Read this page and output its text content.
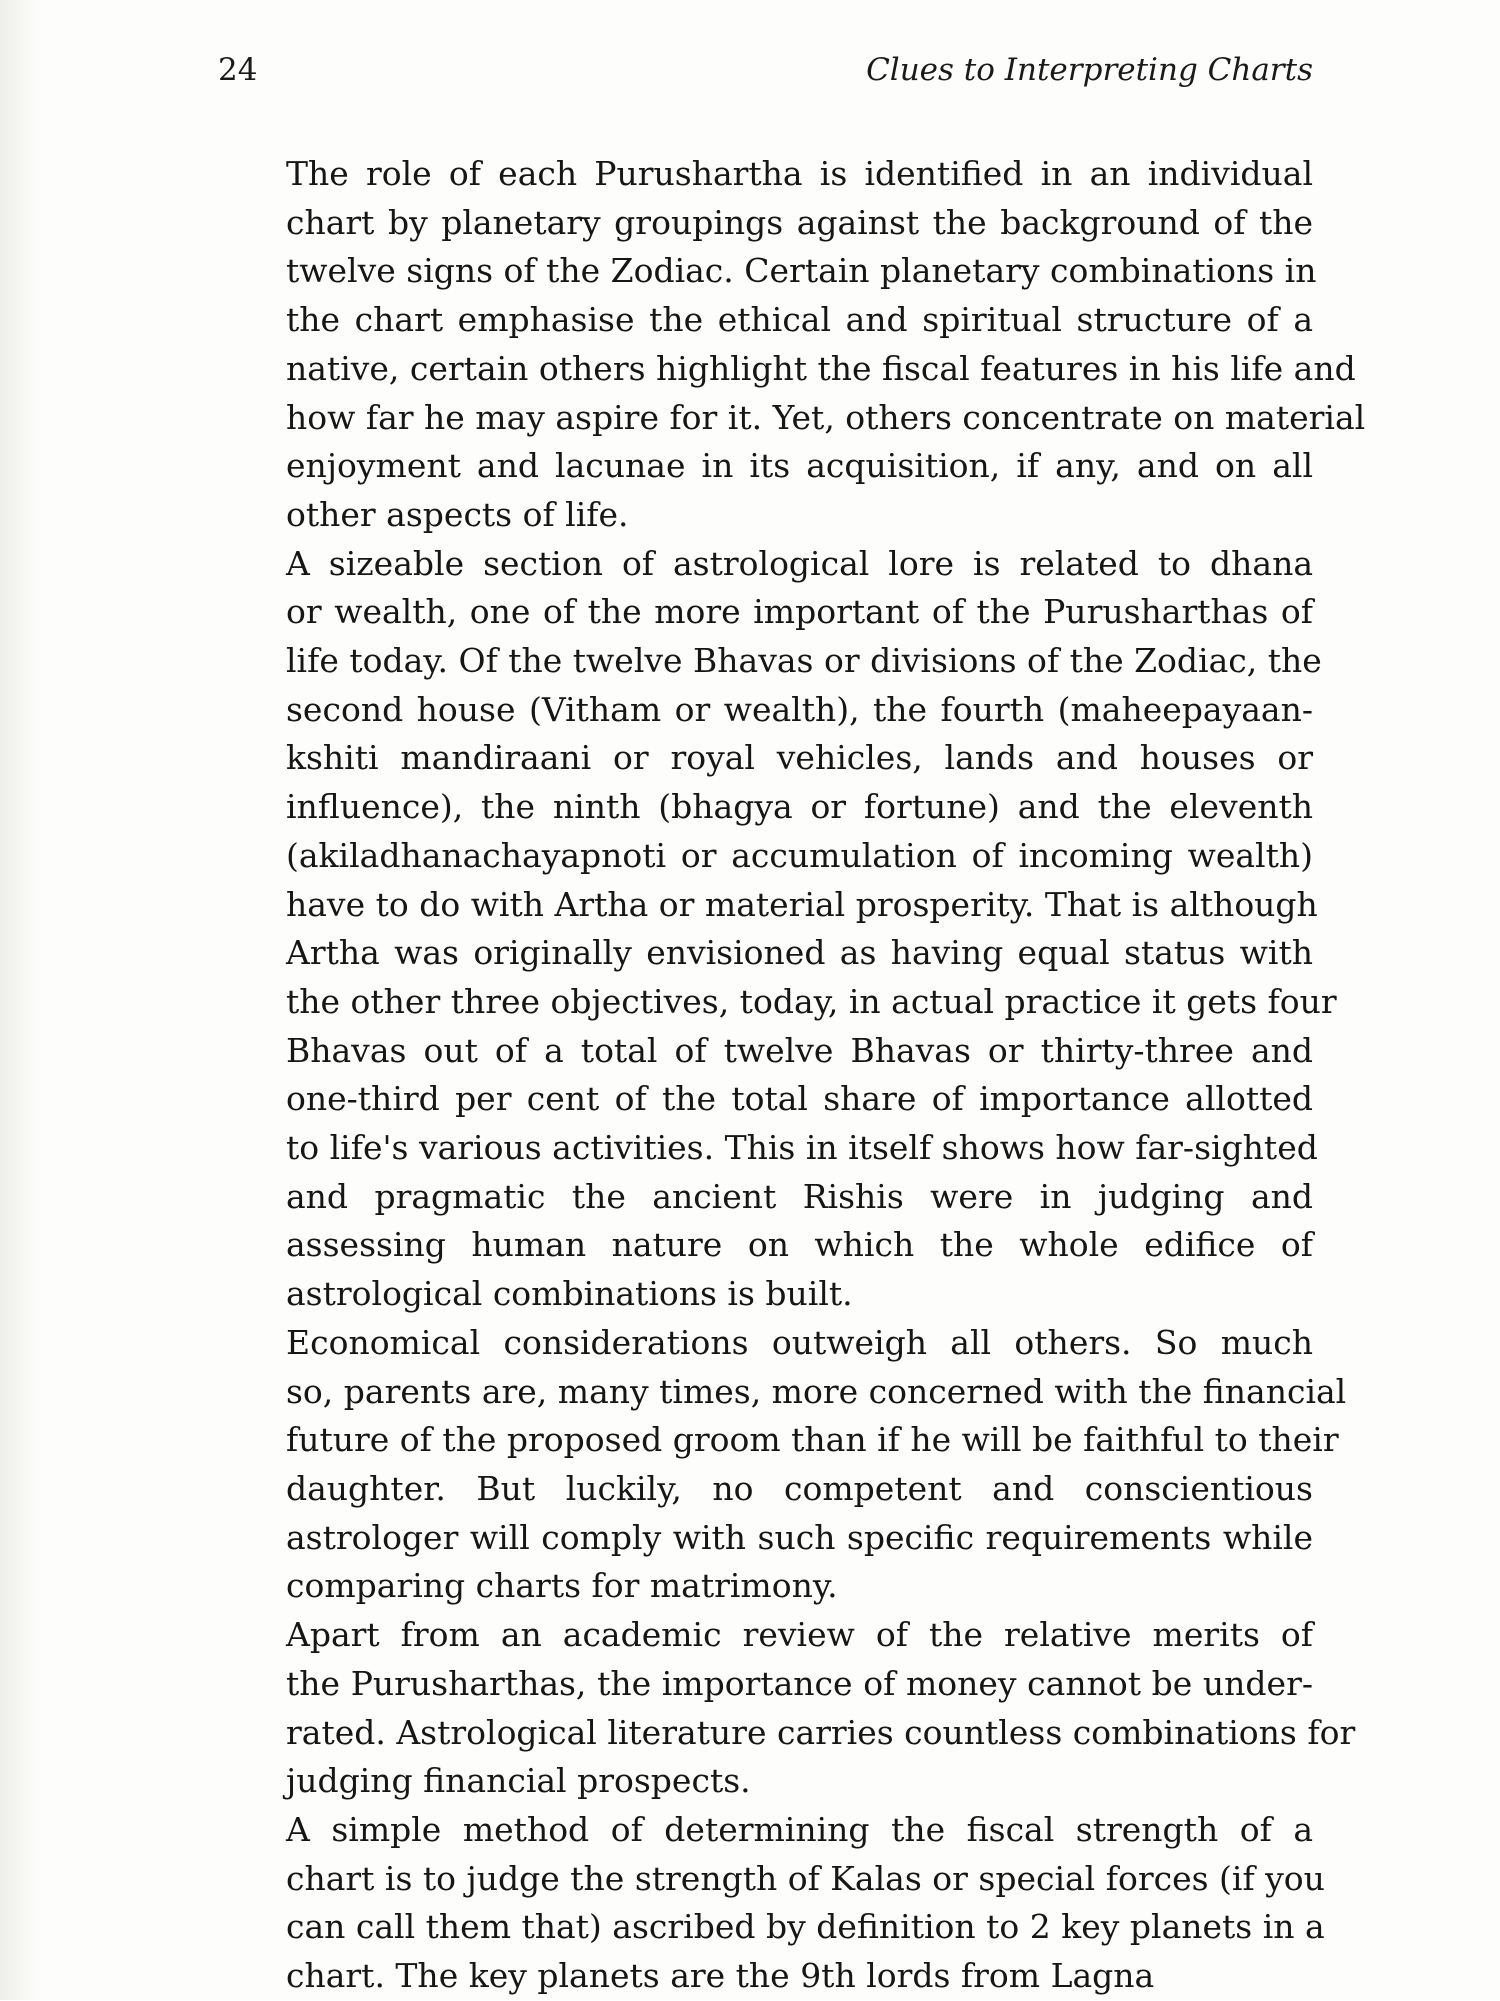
24	Clues to Interpreting Charts

The role of each Purushartha is identified in an individual
chart by planetary groupings against the background of the
twelve signs of the Zodiac. Certain planetary combinations in
the chart emphasise the ethical and spiritual structure of a
native, certain others highlight the fiscal features in his life and
how far he may aspire for it. Yet, others concentrate on material
enjoyment and lacunae in its acquisition, if any, and on all
other aspects of life.

A sizeable section of astrological lore is related to dhana
or wealth, one of the more important of the Purusharthas of
life today. Of the twelve Bhavas or divisions of the Zodiac, the
second house (Vitham or wealth), the fourth (maheepayaan-
kshiti mandiraani or royal vehicles, lands and houses or
influence), the ninth (bhagya or fortune) and the eleventh
(akiladhanachayapnoti or accumulation of incoming wealth)
have to do with Artha or material prosperity. That is although
Artha was originally envisioned as having equal status with
the other three objectives, today, in actual practice it gets four
Bhavas out of a total of twelve Bhavas or thirty-three and
one-third per cent of the total share of importance allotted
to life's various activities. This in itself shows how far-sighted
and pragmatic the ancient Rishis were in judging and
assessing human nature on which the whole edifice of
astrological combinations is built.

Economical considerations outweigh all others. So much
so, parents are, many times, more concerned with the financial
future of the proposed groom than if he will be faithful to their
daughter. But luckily, no competent and conscientious
astrologer will comply with such specific requirements while
comparing charts for matrimony.

Apart from an academic review of the relative merits of
the Purusharthas, the importance of money cannot be under-
rated. Astrological literature carries countless combinations for
judging financial prospects.

A simple method of determining the fiscal strength of a
chart is to judge the strength of Kalas or special forces (if you
can call them that) ascribed by definition to 2 key planets in a
chart. The key planets are the 9th lords from Lagna
